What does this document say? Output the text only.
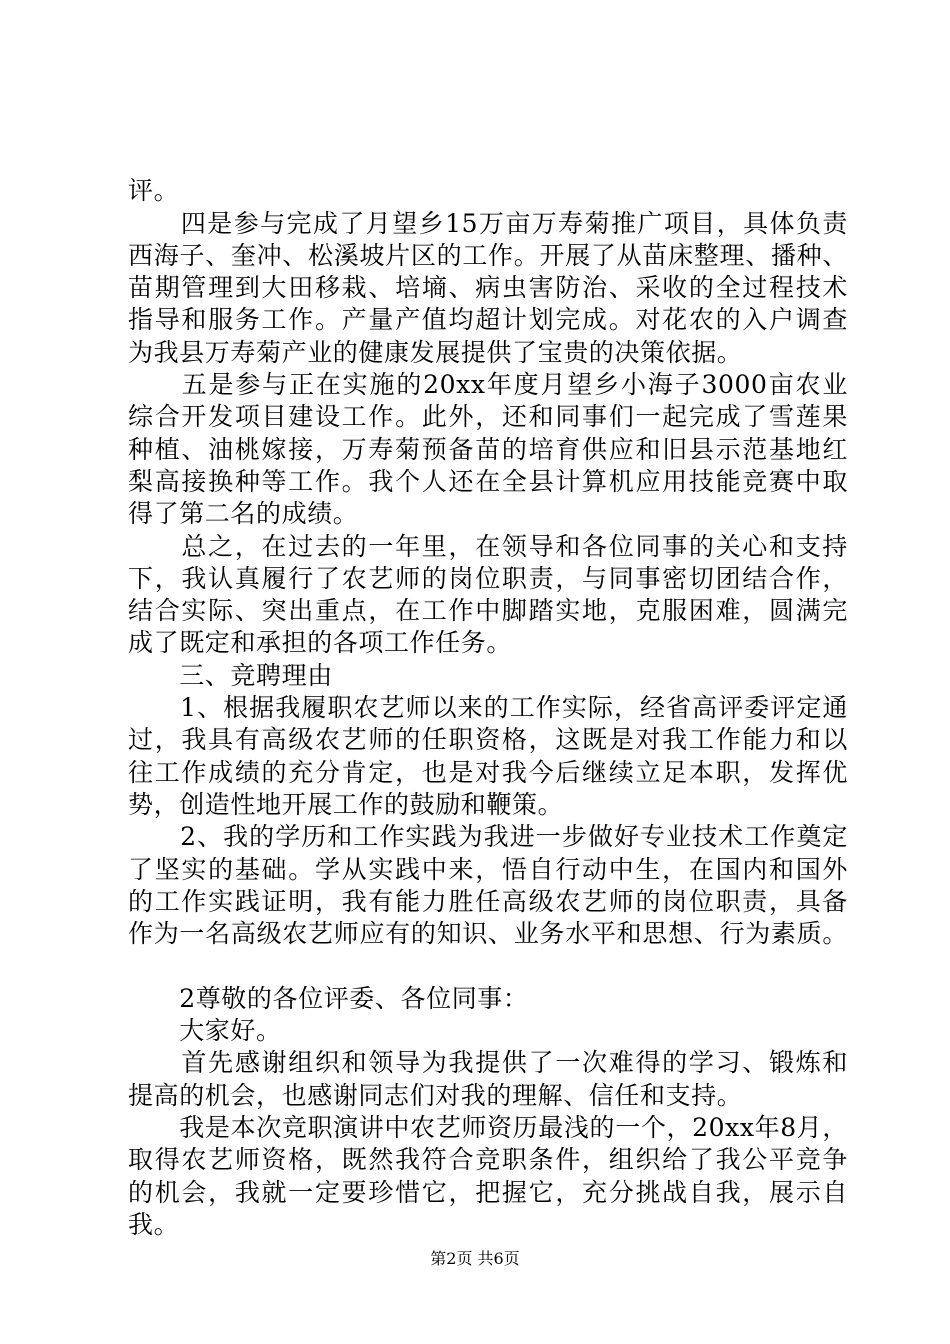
评。
　　四是参与完成了月望乡15万亩万寿菊推广项目，具体负责
西海子、奎冲、松溪坡片区的工作。开展了从苗床整理、播种、
苗期管理到大田移栽、培墒、病虫害防治、采收的全过程技术
指导和服务工作。产量产值均超计划完成。对花农的入户调查
为我县万寿菊产业的健康发展提供了宝贵的决策依据。
　　五是参与正在实施的20xx年度月望乡小海子3000亩农业
综合开发项目建设工作。此外，还和同事们一起完成了雪莲果
种植、油桃嫁接，万寿菊预备苗的培育供应和旧县示范基地红
梨高接换种等工作。我个人还在全县计算机应用技能竞赛中取
得了第二名的成绩。
　　总之，在过去的一年里，在领导和各位同事的关心和支持
下，我认真履行了农艺师的岗位职责，与同事密切团结合作，
结合实际、突出重点，在工作中脚踏实地，克服困难，圆满完
成了既定和承担的各项工作任务。
　　三、竞聘理由
　　1、根据我履职农艺师以来的工作实际，经省高评委评定通
过，我具有高级农艺师的任职资格，这既是对我工作能力和以
往工作成绩的充分肯定，也是对我今后继续立足本职，发挥优
势，创造性地开展工作的鼓励和鞭策。
　　2、我的学历和工作实践为我进一步做好专业技术工作奠定
了坚实的基础。学从实践中来，悟自行动中生，在国内和国外
的工作实践证明，我有能力胜任高级农艺师的岗位职责，具备
作为一名高级农艺师应有的知识、业务水平和思想、行为素质。
　　2尊敬的各位评委、各位同事：
　　大家好。
　　首先感谢组织和领导为我提供了一次难得的学习、锻炼和
提高的机会，也感谢同志们对我的理解、信任和支持。
　　我是本次竞职演讲中农艺师资历最浅的一个，20xx年8月，
取得农艺师资格，既然我符合竞职条件，组织给了我公平竞争
的机会，我就一定要珍惜它，把握它，充分挑战自我，展示自
我。
第2页 共6页
